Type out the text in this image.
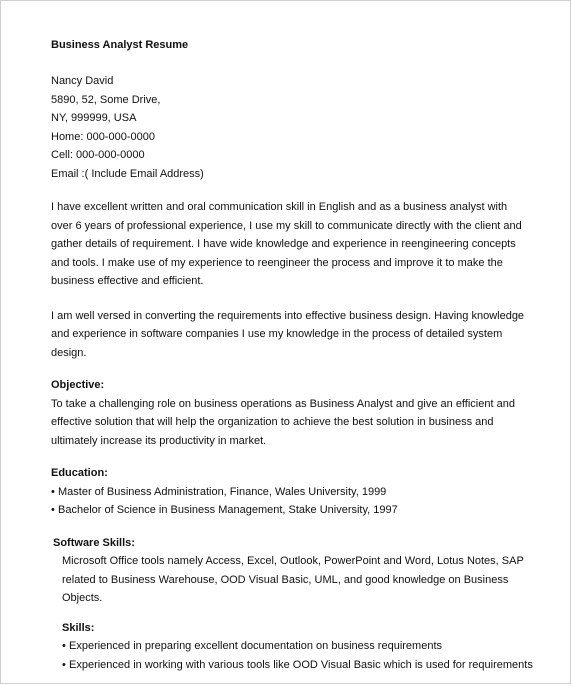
Business Analyst Resume
Nancy David
5890, 52, Some Drive,
NY, 999999, USA
Home: 000-000-0000
Cell: 000-000-0000
Email :( Include Email Address)

I have excellent written and oral communication skill in English and as a business analyst with over 6 years of professional experience, I use my skill to communicate directly with the client and gather details of requirement. I have wide knowledge and experience in reengineering concepts and tools. I make use of my experience to reengineer the process and improve it to make the business effective and efficient.

I am well versed in converting the requirements into effective business design. Having knowledge and experience in software companies I use my knowledge in the process of detailed system design.

Objective:

To take a challenging role on business operations as Business Analyst and give an efficient and effective solution that will help the organization to achieve the best solution in business and ultimately increase its productivity in market.

Education:
• Master of Business Administration, Finance, Wales University, 1999
• Bachelor of Science in Business Management, Stake University, 1997
Software Skills:

Microsoft Office tools namely Access, Excel, Outlook, PowerPoint and Word, Lotus Notes, SAP related to Business Warehouse, OOD Visual Basic, UML, and good knowledge on Business Objects.

Skills:
• Experienced in preparing excellent documentation on business requirements
• Experienced in working with various tools like OOD Visual Basic which is used for requirements
